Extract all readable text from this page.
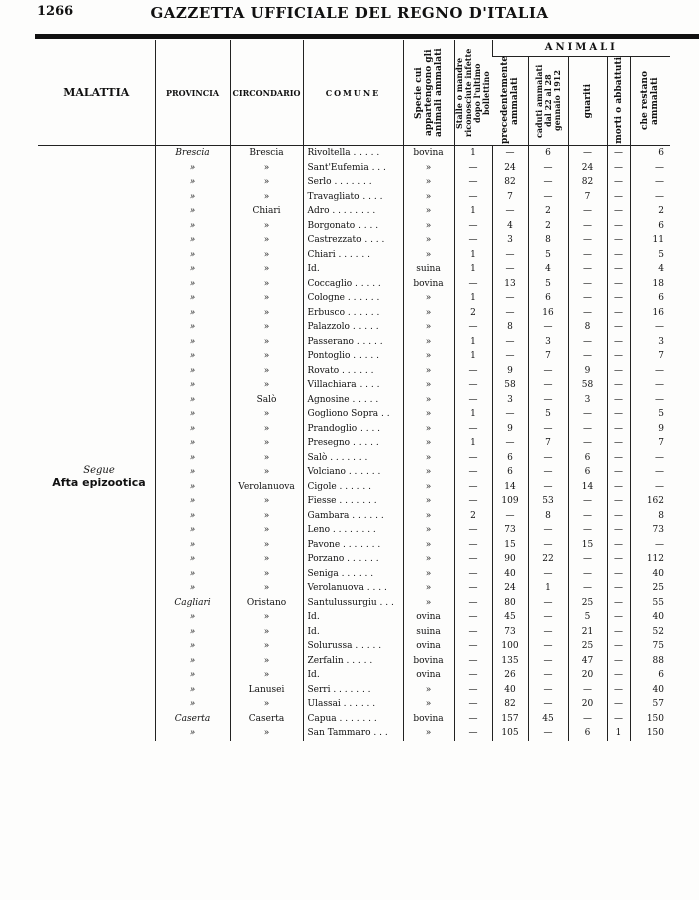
1266	GAZZETTA UFFICIALE DEL REGNO D'ITALIA
MALATTIA	PROVINCIA	CIRCONDARIO	COMUNE	Specie cui appartengono gli animali ammalati	Stalle o mandre riconosciute infette dopo l'ultimo bollettino	ANIMALI				

						precedentemente ammalati	caduti ammalati dal 22 al 28 gennaio 1912	guariti	morti o abbattuti	che restano ammalati

	Brescia	Brescia	Rivoltella . . . . .	bovina	1	—	6	—	—	6
	»	»	Sant'Eufemia . . .	»	—	24	—	24	—	—
	»	»	Serlo . . . . . . .	»	—	82	—	82	—	—
	»	»	Travagliato . . . .	»	—	7	—	7	—	—
	»	Chiari	Adro . . . . . . . .	»	1	—	2	—	—	2
	»	»	Borgonato . . . .	»	—	4	2	—	—	6
	»	»	Castrezzato . . . .	»	—	3	8	—	—	11
	»	»	Chiari . . . . . .	»	1	—	5	—	—	5
	»	»	Id.	suina	1	—	4	—	—	4
	»	»	Coccaglio . . . . .	bovina	—	13	5	—	—	18
	»	»	Cologne . . . . . .	»	1	—	6	—	—	6
	»	»	Erbusco . . . . . .	»	2	—	16	—	—	16
	»	»	Palazzolo . . . . .	»	—	8	—	8	—	—
	»	»	Passerano . . . . .	»	1	—	3	—	—	3
	»	»	Pontoglio . . . . .	»	1	—	7	—	—	7
	»	»	Rovato . . . . . .	»	—	9	—	9	—	—
	»	»	Villachiara . . . .	»	—	58	—	58	—	—
	»	Salò	Agnosine . . . . .	»	—	3	—	3	—	—
	»	»	Gogliono Sopra . .	»	1	—	5	—	—	5
	»	»	Prandoglio . . . .	»	—	9	—	—	—	9
	»	»	Presegno . . . . .	»	1	—	7	—	—	7
	»	»	Salò . . . . . . .	»	—	6	—	6	—	—
	»	»	Volciano . . . . . .	»	—	6	—	6	—	—
	»	Verolanuova	Cigole . . . . . .	»	—	14	—	14	—	—
	»	»	Fiesse . . . . . . .	»	—	109	53	—	—	162
	»	»	Gambara . . . . . .	»	2	—	8	—	—	8
	»	»	Leno . . . . . . . .	»	—	73	—	—	—	73
	»	»	Pavone . . . . . . .	»	—	15	—	15	—	—
	»	»	Porzano . . . . . .	»	—	90	22	—	—	112
	»	»	Seniga . . . . . .	»	—	40	—	—	—	40
	»	»	Verolanuova . . . .	»	—	24	1	—	—	25
	Cagliari	Oristano	Santulussurgiu . . .	»	—	80	—	25	—	55
	»	»	Id.	ovina	—	45	—	5	—	40
	»	»	Id.	suina	—	73	—	21	—	52
	»	»	Solurussa . . . . .	ovina	—	100	—	25	—	75
	»	»	Zerfalin . . . . .	bovina	—	135	—	47	—	88
	»	»	Id.	ovina	—	26	—	20	—	6
	»	Lanusei	Serri . . . . . . .	»	—	40	—	—	—	40
	»	»	Ulassai . . . . . .	»	—	82	—	20	—	57
	Caserta	Caserta	Capua . . . . . . .	bovina	—	157	45	—	—	150
	»	»	San Tammaro . . .	»	—	105	—	6	1	150
Segue
Afta epizootica
